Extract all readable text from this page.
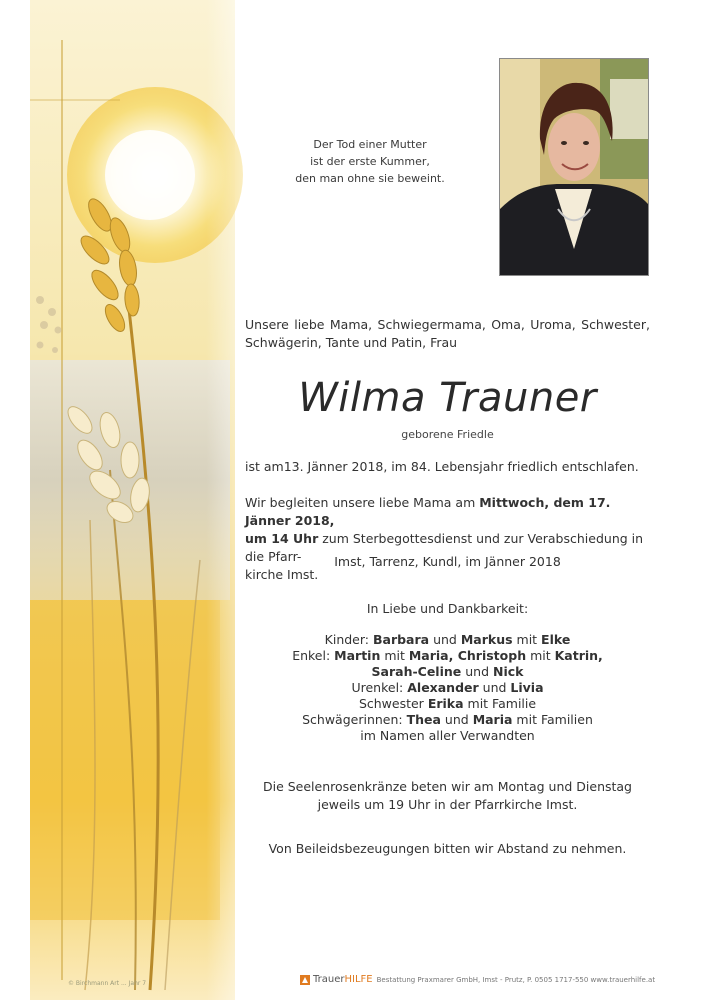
Der Tod einer Mutter
ist der erste Kummer,
den man ohne sie beweint.
Unsere liebe Mama, Schwiegermama, Oma, Uroma, Schwester,
Schwägerin, Tante und Patin, Frau
Wilma Trauner
geborene Friedle
ist am13. Jänner 2018, im 84. Lebensjahr friedlich entschlafen.
Wir begleiten unsere liebe Mama am Mittwoch, dem 17. Jänner 2018,
um 14 Uhr zum Sterbegottesdienst und zur Verabschiedung in die Pfarr-
kirche Imst.
Imst, Tarrenz, Kundl, im Jänner 2018
In Liebe und Dankbarkeit:
Kinder: Barbara und Markus mit Elke
Enkel: Martin mit Maria, Christoph mit Katrin,
Sarah-Celine und Nick
Urenkel: Alexander und Livia
Schwester Erika mit Familie
Schwägerinnen: Thea und Maria mit Familien
im Namen aller Verwandten
Die Seelenrosenkränze beten wir am Montag und Dienstag
jeweils um 19 Uhr in der Pfarrkirche Imst.
Von Beileidsbezeugungen bitten wir Abstand zu nehmen.
TrauerHILFE Bestattung Praxmarer GmbH, Imst - Prutz, P. 0505 1717-550 www.trauerhilfe.at
© Birchmann Art ... Jahr 7
